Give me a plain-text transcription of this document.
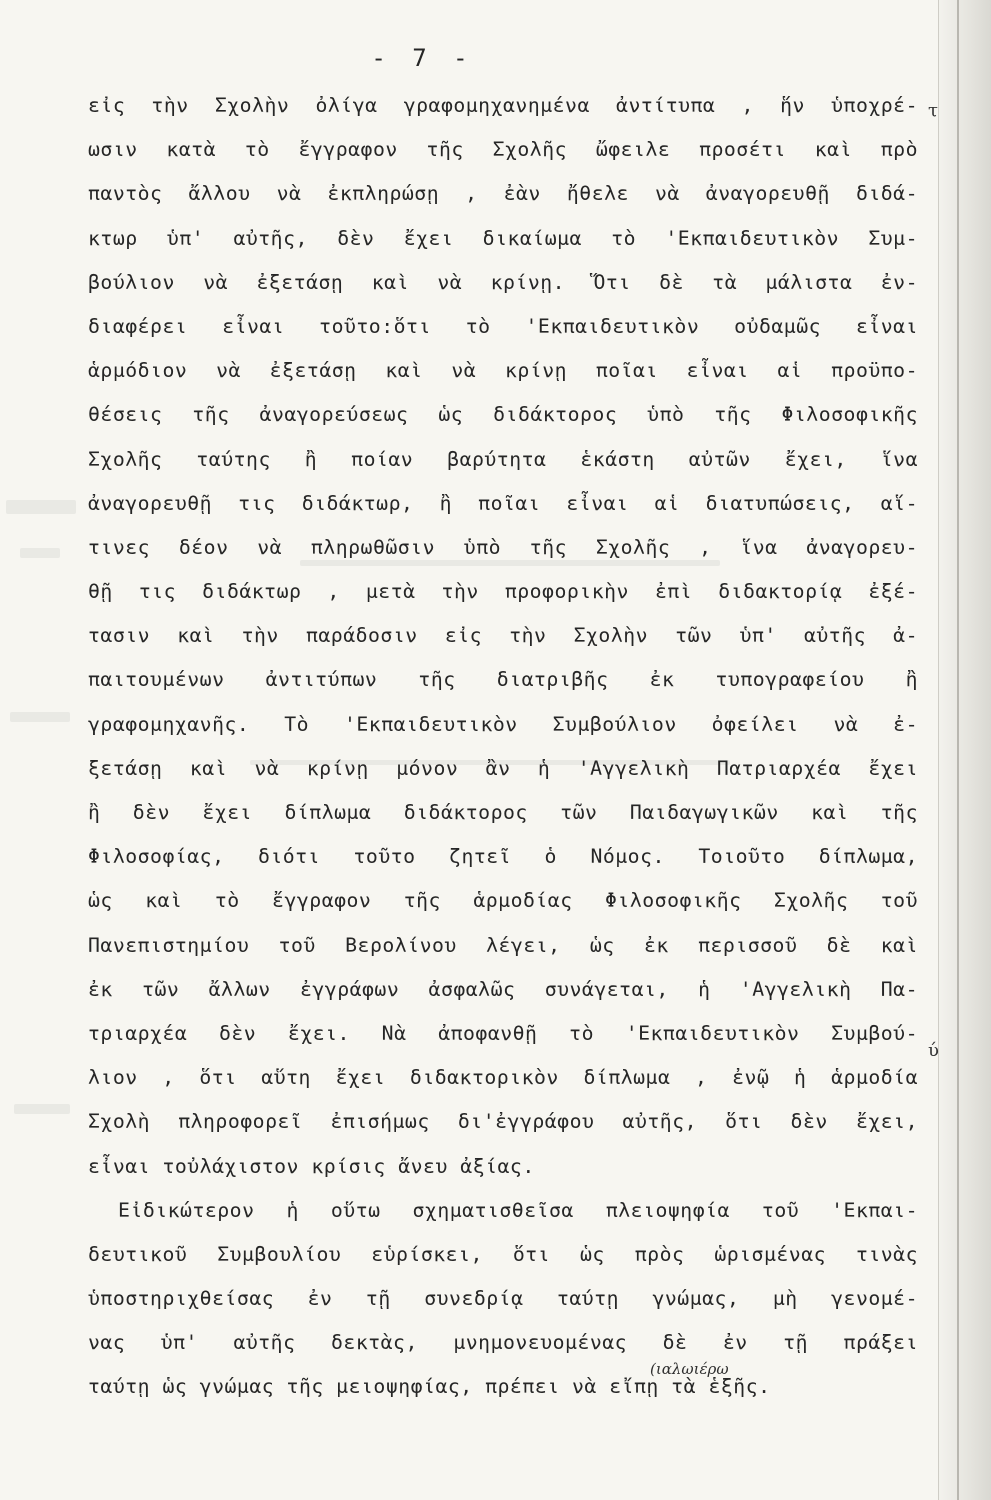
τ
ύ
- 7 -
εἰς τὴν Σχολὴν ὀλίγα γραφομηχανημένα ἀντίτυπα , ἥν ὑποχρέ-
ωσιν κατὰ τὸ ἔγγραφον τῆς Σχολῆς ὤφειλε προσέτι καὶ πρὸ
παντὸς ἄλλου νὰ ἐκπληρώσῃ , ἐὰν ἤθελε νὰ ἀναγορευθῇ διδά-
κτωρ ὑπ' αὐτῆς, δὲν ἔχει δικαίωμα τὸ 'Εκπαιδευτικὸν Συμ-
βούλιον νὰ ἐξετάσῃ καὶ νὰ κρίνῃ. Ὅτι δὲ τὰ μάλιστα ἐν-
διαφέρει εἶναι τοῦτο:ὅτι τὸ 'Εκπαιδευτικὸν οὐδαμῶς εἶναι
ἁρμόδιον νὰ ἐξετάσῃ καὶ νὰ κρίνῃ ποῖαι εἶναι αἱ προϋπο-
θέσεις τῆς ἀναγορεύσεως ὡς διδάκτορος ὑπὸ τῆς Φιλοσοφικῆς
Σχολῆς ταύτης ἢ ποίαν βαρύτητα ἑκάστη αὐτῶν ἔχει, ἵνα
ἀναγορευθῇ τις διδάκτωρ, ἢ ποῖαι εἶναι αἱ διατυπώσεις, αἵ-
τινες δέον νὰ πληρωθῶσιν ὑπὸ τῆς Σχολῆς , ἵνα ἀναγορευ-
θῇ τις διδάκτωρ , μετὰ τὴν προφορικὴν ἐπὶ διδακτορίᾳ ἐξέ-
τασιν καὶ τὴν παράδοσιν εἰς τὴν Σχολὴν τῶν ὑπ' αὐτῆς ἀ-
παιτουμένων ἀντιτύπων τῆς διατριβῆς ἐκ τυπογραφείου ἢ
γραφομηχανῆς. Τὸ 'Εκπαιδευτικὸν Συμβούλιον ὀφείλει νὰ ἐ-
ξετάσῃ καὶ νὰ κρίνῃ μόνον ἂν ἡ 'Αγγελικὴ Πατριαρχέα ἔχει
ἢ δὲν ἔχει δίπλωμα διδάκτορος τῶν Παιδαγωγικῶν καὶ τῆς
Φιλοσοφίας, διότι τοῦτο ζητεῖ ὁ Νόμος. Τοιοῦτο δίπλωμα,
ὡς καὶ τὸ ἔγγραφον τῆς ἁρμοδίας Φιλοσοφικῆς Σχολῆς τοῦ
Πανεπιστημίου τοῦ Βερολίνου λέγει, ὡς ἐκ περισσοῦ δὲ καὶ
ἐκ τῶν ἄλλων ἐγγράφων ἀσφαλῶς συνάγεται, ἡ 'Αγγελικὴ Πα-
τριαρχέα δὲν ἔχει. Νὰ ἀποφανθῇ τὸ 'Εκπαιδευτικὸν Συμβού-
λιον , ὅτι αὕτη ἔχει διδακτορικὸν δίπλωμα , ἐνῷ ἡ ἁρμοδία
Σχολὴ πληροφορεῖ ἐπισήμως δι'ἐγγράφου αὐτῆς, ὅτι δὲν ἔχει,
εἶναι τοὐλάχιστον κρίσις ἄνευ ἀξίας.
Εἰδικώτερον ἡ οὕτω σχηματισθεῖσα πλειοψηφία τοῦ 'Εκπαι-
δευτικοῦ Συμβουλίου εὑρίσκει, ὅτι ὡς πρὸς ὡρισμένας τινὰς
ὑποστηριχθείσας ἐν τῇ συνεδρίᾳ ταύτῃ γνώμας, μὴ γενομέ-
νας ὑπ' αὐτῆς δεκτὰς, μνημονευομένας δὲ ἐν τῇ πράξει
ταύτῃ ὡς γνώμας τῆς μειοψηφίας, πρέπει νὰ εἴπῃ τὰ ἑξῆς.
(ιαλωιέρω
